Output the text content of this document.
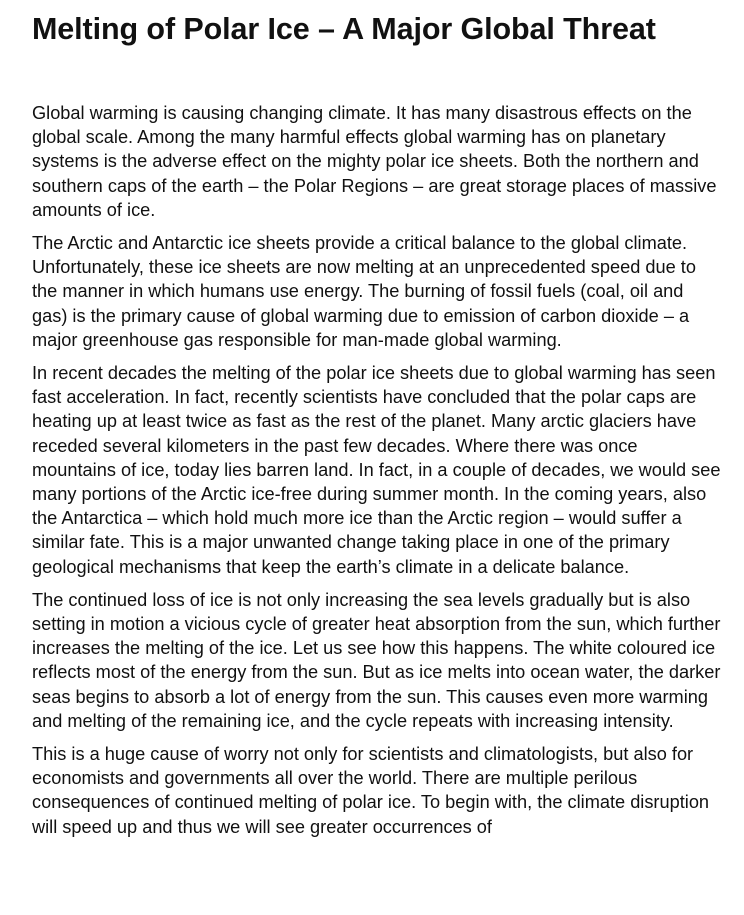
Melting of Polar Ice – A Major Global Threat

Global warming is causing changing climate. It has many disastrous effects on the global scale. Among the many harmful effects global warming has on planetary systems is the adverse effect on the mighty polar ice sheets. Both the northern and southern caps of the earth – the Polar Regions – are great storage places of massive amounts of ice.

The Arctic and Antarctic ice sheets provide a critical balance to the global climate. Unfortunately, these ice sheets are now melting at an unprecedented speed due to the manner in which humans use energy. The burning of fossil fuels (coal, oil and gas) is the primary cause of global warming due to emission of carbon dioxide – a major greenhouse gas responsible for man-made global warming.

In recent decades the melting of the polar ice sheets due to global warming has seen fast acceleration. In fact, recently scientists have concluded that the polar caps are heating up at least twice as fast as the rest of the planet. Many arctic glaciers have receded several kilometers in the past few decades. Where there was once mountains of ice, today lies barren land. In fact, in a couple of decades, we would see many portions of the Arctic ice-free during summer month. In the coming years, also the Antarctica – which hold much more ice than the Arctic region – would suffer a similar fate. This is a major unwanted change taking place in one of the primary geological mechanisms that keep the earth’s climate in a delicate balance.

The continued loss of ice is not only increasing the sea levels gradually but is also setting in motion a vicious cycle of greater heat absorption from the sun, which further increases the melting of the ice. Let us see how this happens. The white coloured ice reflects most of the energy from the sun. But as ice melts into ocean water, the darker seas begins to absorb a lot of energy from the sun. This causes even more warming and melting of the remaining ice, and the cycle repeats with increasing intensity.

This is a huge cause of worry not only for scientists and climatologists, but also for economists and governments all over the world. There are multiple perilous consequences of continued melting of polar ice. To begin with, the climate disruption will speed up and thus we will see greater occurrences of
